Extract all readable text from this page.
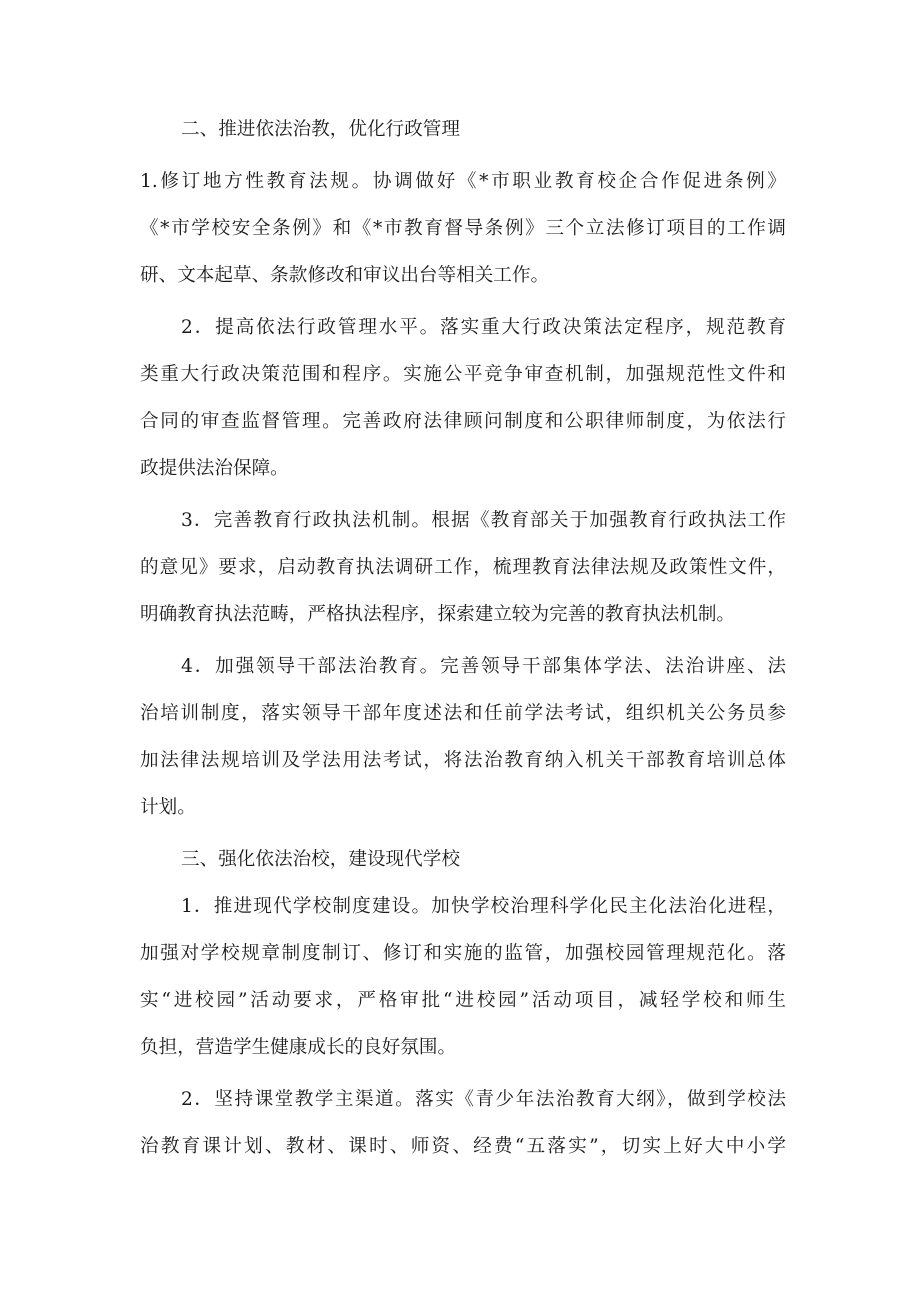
二、推进依法治教，优化行政管理
1.修订地方性教育法规。协调做好《*市职业教育校企合作促进条例》
《*市学校安全条例》和《*市教育督导条例》三个立法修订项目的工作调
研、文本起草、条款修改和审议出台等相关工作。
2．提高依法行政管理水平。落实重大行政决策法定程序，规范教育
类重大行政决策范围和程序。实施公平竞争审查机制，加强规范性文件和
合同的审查监督管理。完善政府法律顾问制度和公职律师制度，为依法行
政提供法治保障。
3．完善教育行政执法机制。根据《教育部关于加强教育行政执法工作
的意见》要求，启动教育执法调研工作，梳理教育法律法规及政策性文件，
明确教育执法范畴，严格执法程序，探索建立较为完善的教育执法机制。
4．加强领导干部法治教育。完善领导干部集体学法、法治讲座、法
治培训制度，落实领导干部年度述法和任前学法考试，组织机关公务员参
加法律法规培训及学法用法考试，将法治教育纳入机关干部教育培训总体
计划。
三、强化依法治校，建设现代学校
1．推进现代学校制度建设。加快学校治理科学化民主化法治化进程，
加强对学校规章制度制订、修订和实施的监管，加强校园管理规范化。落
实“进校园”活动要求，严格审批“进校园”活动项目，减轻学校和师生
负担，营造学生健康成长的良好氛围。
2．坚持课堂教学主渠道。落实《青少年法治教育大纲》，做到学校法
治教育课计划、教材、课时、师资、经费“五落实”，切实上好大中小学
